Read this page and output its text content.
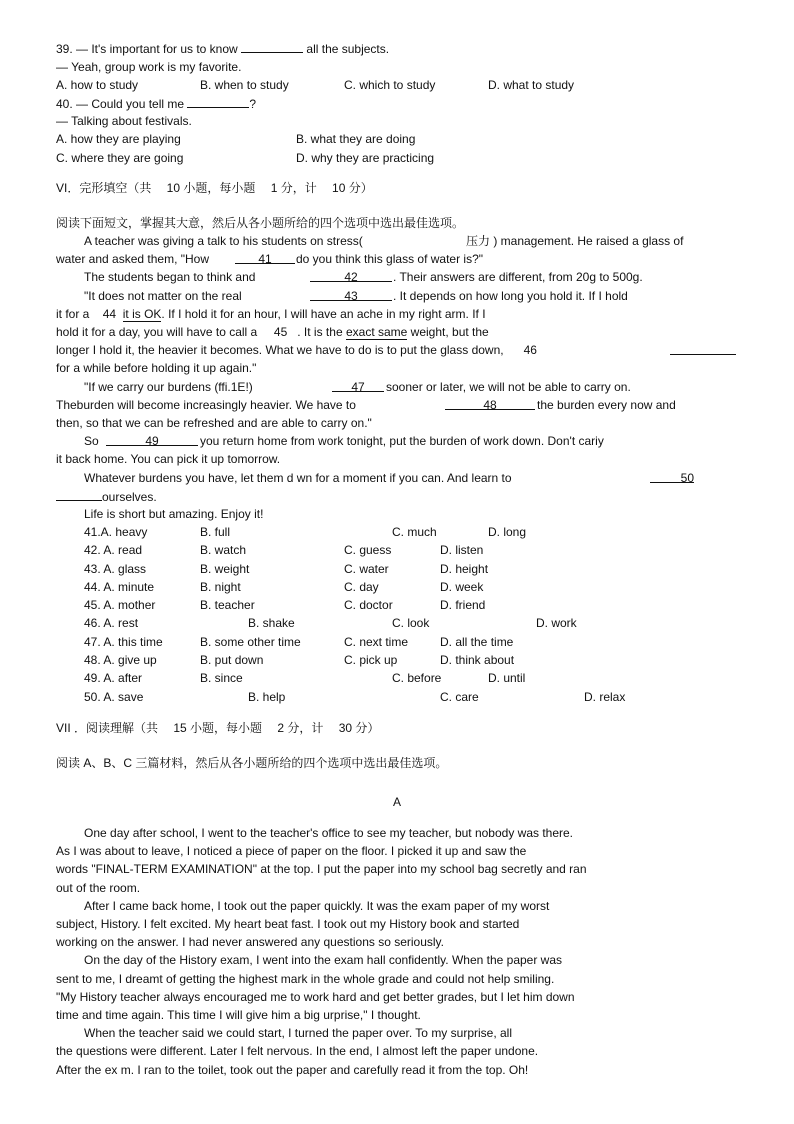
39. — It's important for us to know	all the subjects.
— Yeah, group work is my favorite.
A. how to study	B. when to study	C. which to study	D. what to study
40. — Could you tell me	?
— Talking about festivals.
A. how they are playing	B. what they are doing
C. where they are going	D. why they are practicing
VI．完形填空（共　 10 小题，每小题　 1 分，计　 10 分）
阅读下面短文，掌握其大意，然后从各小题所给的四个选项中选出最佳选项。
A teacher was giving a talk to his students on stress(	压力 ) management. He raised a glass of
water and asked them, "How	41	do you think this glass of water is?"
The students began to think and	42	. Their answers are different, from 20g to 500g.
"It does not matter on the real	43	. It depends on how long you hold it. If I hold
it for a 44 it is OK. If I hold it for an hour, I will have an ache in my right arm. If I
hold it for a day, you will have to call a 45 . It is the exact same weight, but the
longer I hold it, the heavier it becomes. What we have to do is to put the glass down, 46
for a while before holding it up again."
"If we carry our burdens (ffi.1E!)	47	sooner or later, we will not be able to carry on.
Theburden will become increasingly heavier. We have to	48	the burden every now and
then, so that we can be refreshed and are able to carry on."
So	49	you return home from work tonight, put the burden of work down. Don't cariy
it back home. You can pick it up tomorrow.
Whatever burdens you have, let them d wn for a moment if you can. And learn to	50
ourselves.
Life is short but amazing. Enjoy it!
41.A. heavy	B. full	C. much	D. long
42. A. read	B. watch	C. guess	D. listen
43. A. glass	B. weight	C. water	D. height
44. A. minute	B. night	C. day	D. week
45. A. mother	B. teacher	C. doctor	D. friend
46. A. rest	B. shake	C. look	D. work
47. A. this time	B. some other time	C. next time	D. all the time
48. A. give up	B. put down	C. pick up	D. think about
49. A. after	B. since	C. before	D. until
50. A. save	B. help	C. care	D. relax
VII ．阅读理解（共　 15 小题，每小题　 2 分，计　 30 分）
阅读 A、B、C 三篇材料，然后从各小题所给的四个选项中选出最佳选项。
A
One day after school, I went to the teacher's office to see my teacher, but nobody was there.
As I was about to leave, I noticed a piece of paper on the floor. I picked it up and saw the
words "FINAL-TERM EXAMINATION" at the top. I put the paper into my school bag secretly and ran
out of the room.
After I came back home, I took out the paper quickly. It was the exam paper of my worst
subject, History. I felt excited. My heart beat fast. I took out my History book and started
working on the answer. I had never answered any questions so seriously.
On the day of the History exam, I went into the exam hall confidently. When the paper was
sent to me, I dreamt of getting the highest mark in the whole grade and could not help smiling.
"My History teacher always encouraged me to work hard and get better grades, but I let him down
time and time again. This time I will give him a big urprise," I thought.
When the teacher said we could start, I turned the paper over. To my surprise, all
the questions were different. Later I felt nervous. In the end, I almost left the paper undone.
After the ex m. I ran to the toilet, took out the paper and carefully read it from the top. Oh!
